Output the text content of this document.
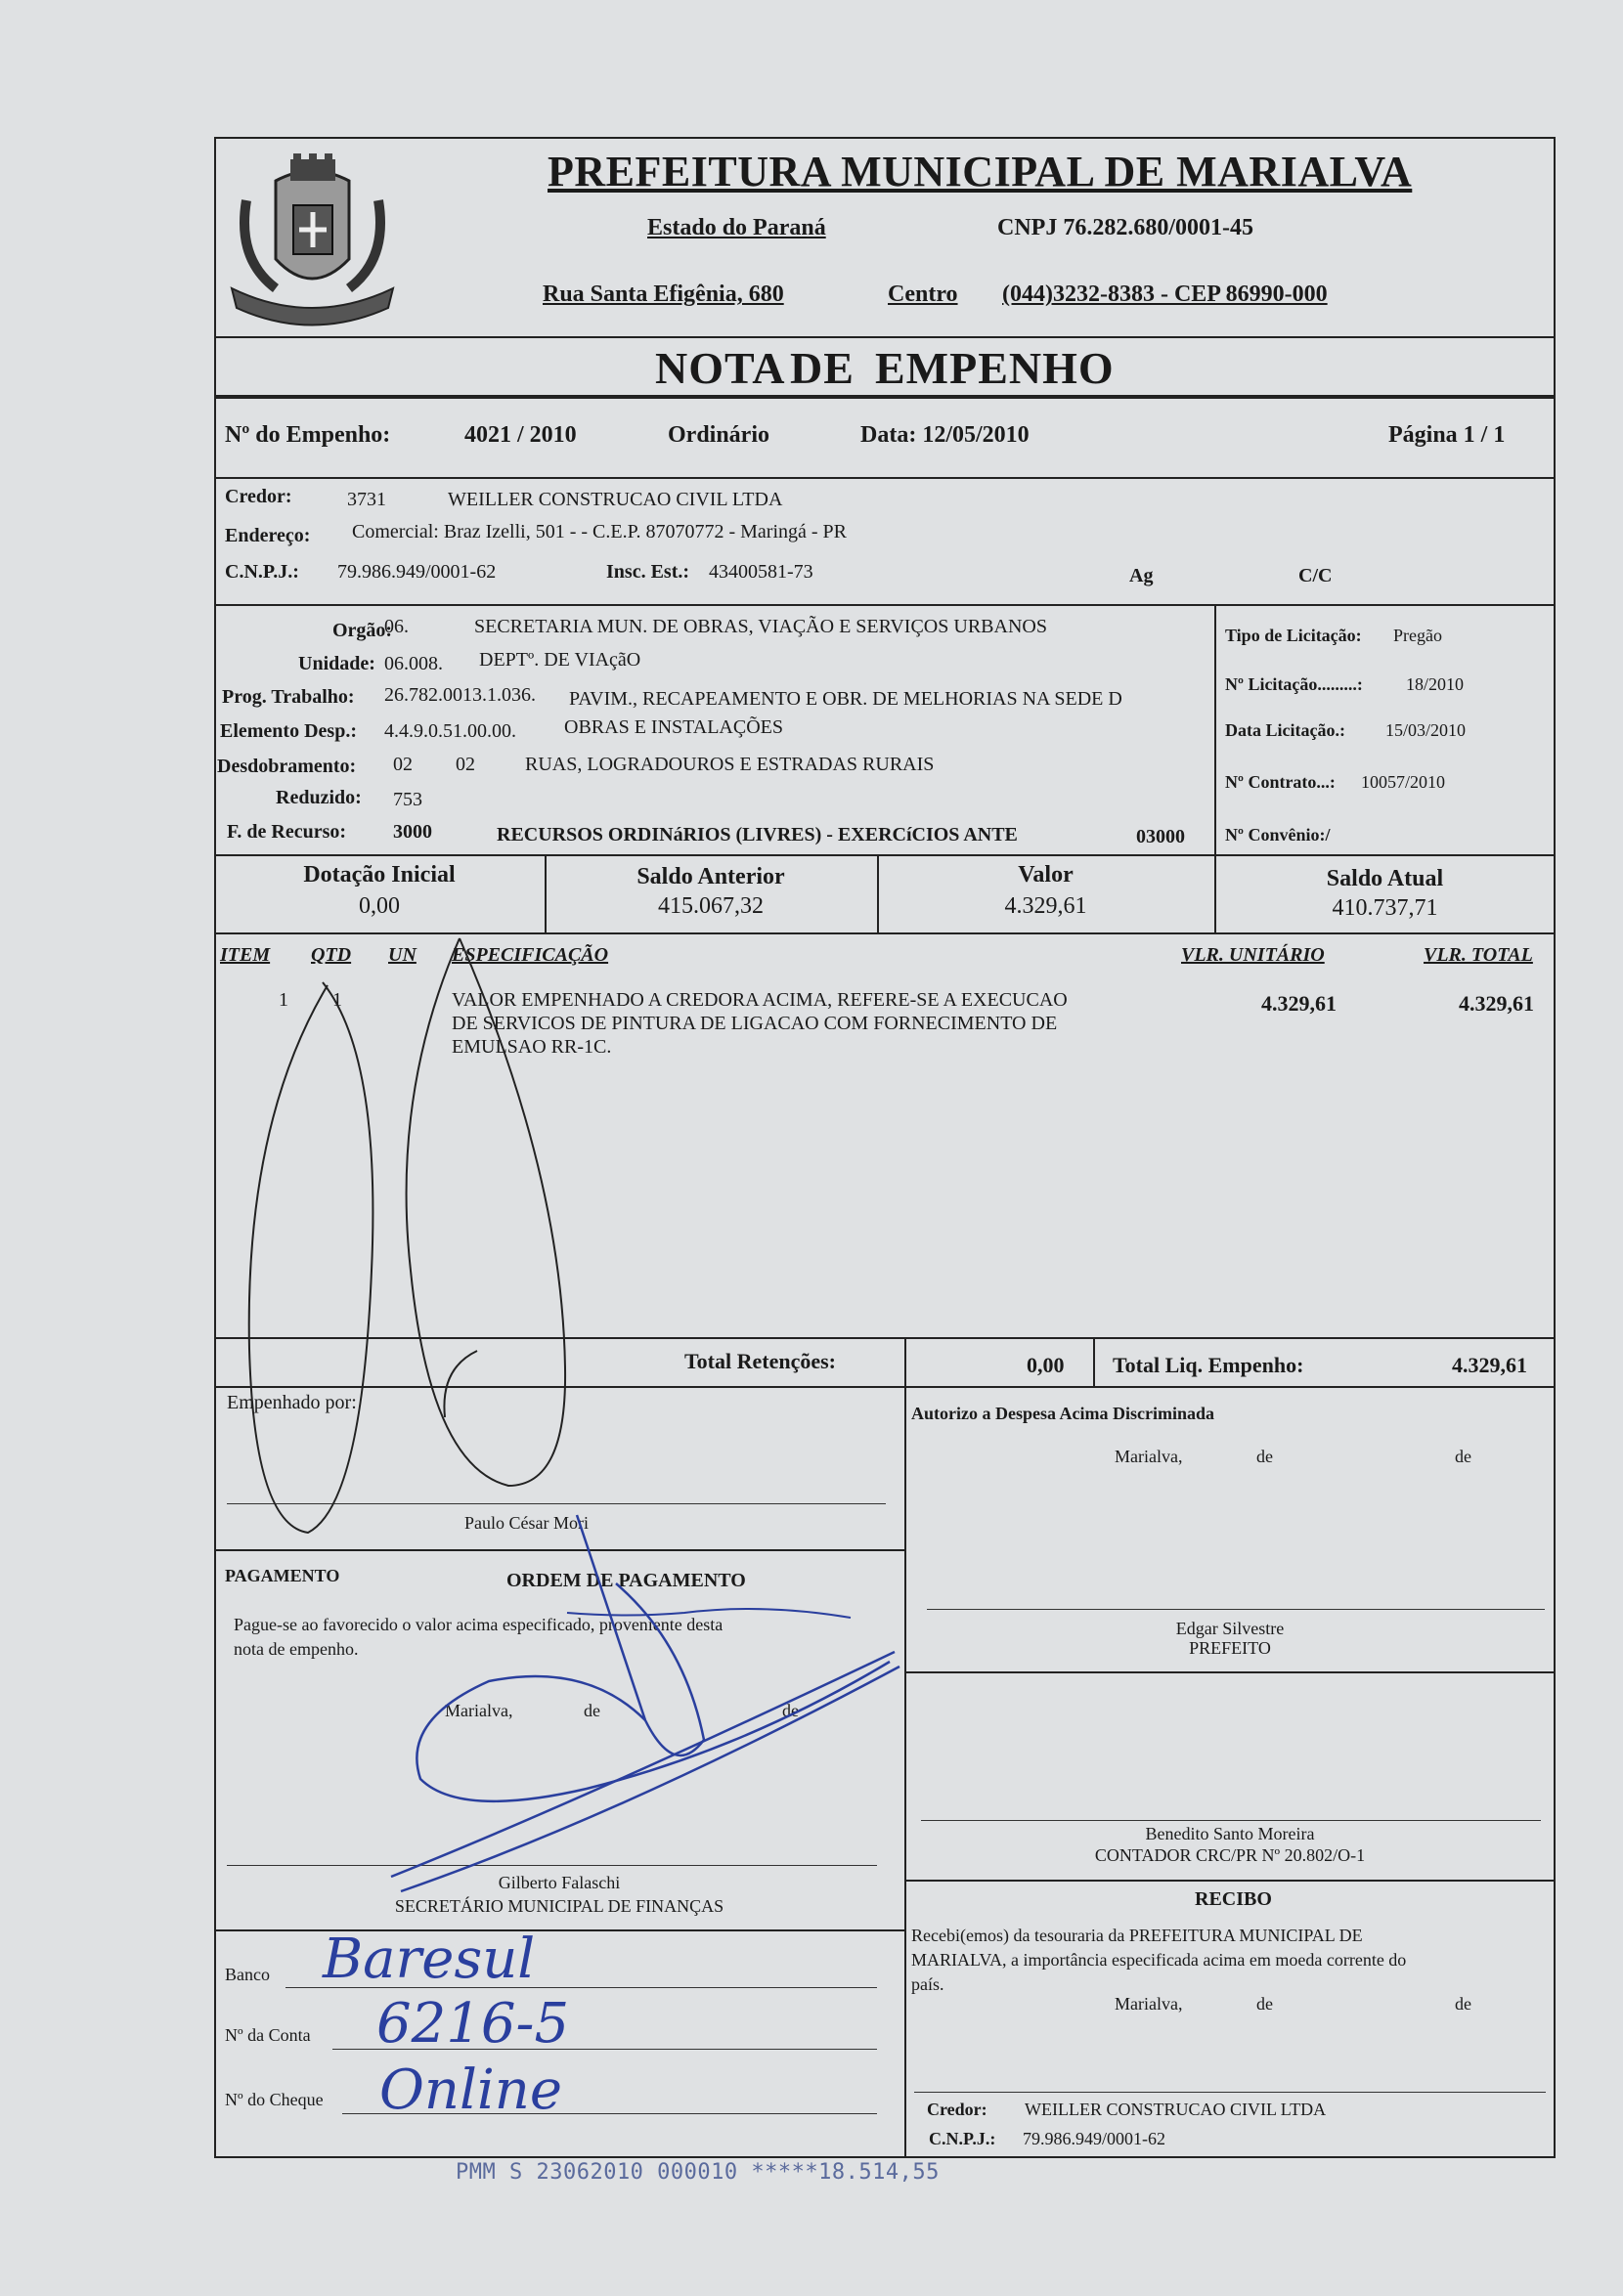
PREFEITURA MUNICIPAL DE MARIALVA
Estado do Paraná	CNPJ 76.282.680/0001-45
Rua Santa Efigênia, 680	Centro (044)3232-8383 - CEP 86990-000
NOTA DE EMPENHO
Nº do Empenho:	4021 / 2010	Ordinário	Data: 12/05/2010	Página 1 / 1
Credor:	3731	WEILLER CONSTRUCAO CIVIL LTDA
Endereço: Comercial: Braz Izelli, 501 - - C.E.P. 87070772 - Maringá - PR
C.N.P.J.: 79.986.949/0001-62	Insc. Est.: 43400581-73	Ag	C/C
Orgão:
06.	SECRETARIA MUN. DE OBRAS, VIAÇÃO E SERVIÇOS URBANOS
Unidade: 06.008. DEPTº. DE VIAçãO
Prog. Trabalho: 26.782.0013.1.036. PAVIM., RECAPEAMENTO E OBR. DE MELHORIAS NA SEDE D
Elemento Desp.: 4.4.9.0.51.00.00. OBRAS E INSTALAÇÕES
Desdobramento: 02 02	RUAS, LOGRADOUROS E ESTRADAS RURAIS
Reduzido: 753
F. de Recurso: 3000	RECURSOS ORDINáRIOS (LIVRES) - EXERCíCIOS ANTE	03000
Tipo de Licitação: Pregão
Nº Licitação.........: 18/2010
Data Licitação.: 15/03/2010
Nº Contrato...: 10057/2010
Nº Convênio:/
Dotação Inicial
0,00
Saldo Anterior
415.067,32
Valor
4.329,61
Saldo Atual
410.737,71
ITEM QTD UN ESPECIFICAÇÃO	VLR. UNITÁRIO	VLR. TOTAL
1 1	VALOR EMPENHADO A CREDORA ACIMA, REFERE-SE A EXECUCAO
DE SERVICOS DE PINTURA DE LIGACAO COM FORNECIMENTO DE
EMULSAO RR-1C.
4.329,61	4.329,61
Total Retenções:	0,00 Total Liq. Empenho:	4.329,61
Empenhado por:
Paulo César Mori
Autorizo a Despesa Acima Discriminada
Marialva,	de	de
Edgar Silvestre
PREFEITO
Benedito Santo Moreira
CONTADOR CRC/PR Nº 20.802/O-1
PAGAMENTO	ORDEM DE PAGAMENTO
Pague-se ao favorecido o valor acima especificado, proveniente desta
nota de empenho.
Marialva,	de	de
Gilberto Falaschi
SECRETÁRIO MUNICIPAL DE FINANÇAS
Banco Baresul
Nº da Conta 6216-5
Nº do Cheque Online
RECIBO
Recebi(emos) da tesouraria da PREFEITURA MUNICIPAL DE
MARIALVA, a importância especificada acima em moeda corrente do
país.
Marialva,	de	de
Credor: WEILLER CONSTRUCAO CIVIL LTDA
C.N.P.J.: 79.986.949/0001-62
PMM S 23062010 000010 *****18.514,55
